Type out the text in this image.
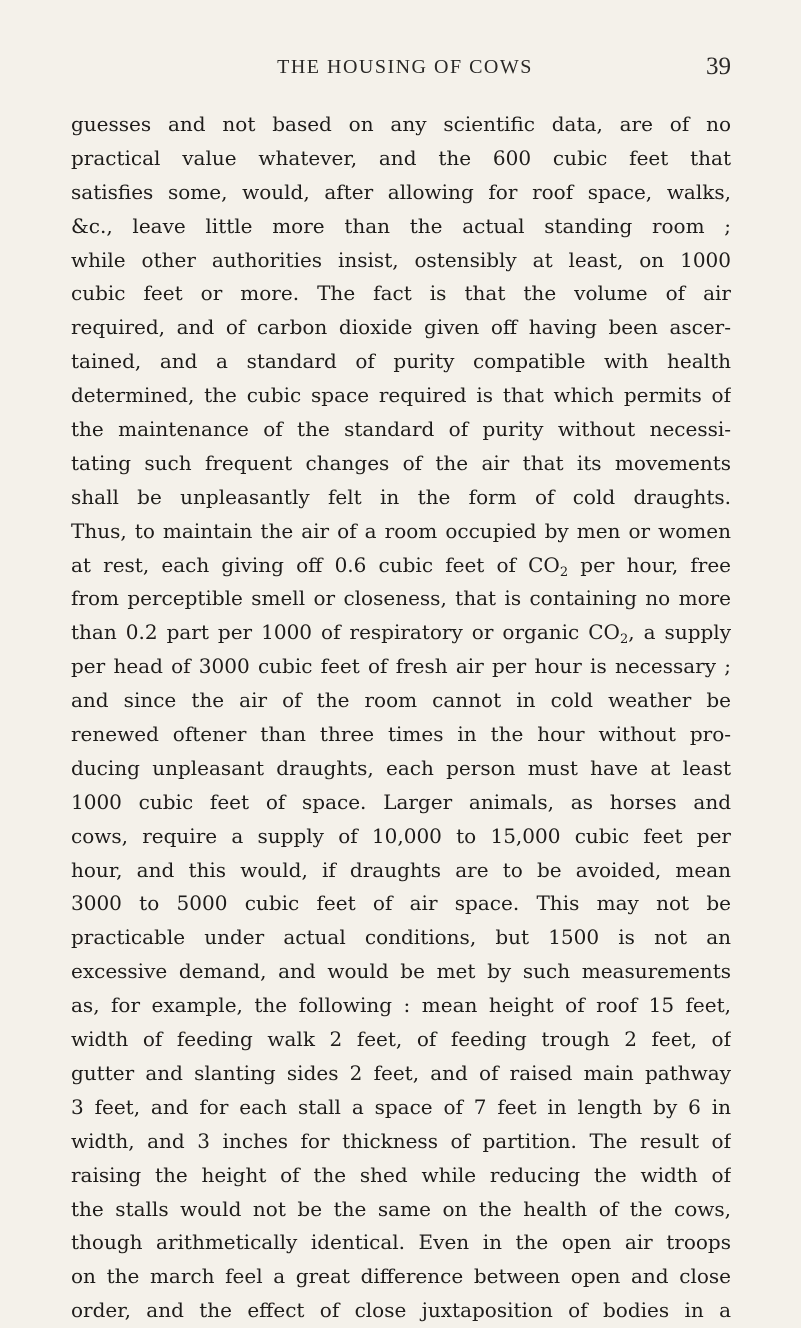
THE HOUSING OF COWS	39
guesses and not based on any scientific data, are of no
practical value whatever, and the 600 cubic feet that
satisfies some, would, after allowing for roof space, walks,
&c., leave little more than the actual standing room ;
while other authorities insist, ostensibly at least, on 1000
cubic feet or more. The fact is that the volume of air
required, and of carbon dioxide given off having been ascer-
tained, and a standard of purity compatible with health
determined, the cubic space required is that which permits of
the maintenance of the standard of purity without necessi-
tating such frequent changes of the air that its movements
shall be unpleasantly felt in the form of cold draughts.
Thus, to maintain the air of a room occupied by men or women
at rest, each giving off 0.6 cubic feet of $CO_2$ per hour, free
from perceptible smell or closeness, that is containing no more
than 0.2 part per 1000 of respiratory or organic $CO_2$, a supply
per head of 3000 cubic feet of fresh air per hour is necessary ;
and since the air of the room cannot in cold weather be
renewed oftener than three times in the hour without pro-
ducing unpleasant draughts, each person must have at least
1000 cubic feet of space. Larger animals, as horses and
cows, require a supply of 10,000 to 15,000 cubic feet per
hour, and this would, if draughts are to be avoided, mean
3000 to 5000 cubic feet of air space. This may not be
practicable under actual conditions, but 1500 is not an
excessive demand, and would be met by such measurements
as, for example, the following : mean height of roof 15 feet,
width of feeding walk 2 feet, of feeding trough 2 feet, of
gutter and slanting sides 2 feet, and of raised main pathway
3 feet, and for each stall a space of 7 feet in length by 6 in
width, and 3 inches for thickness of partition. The result of
raising the height of the shed while reducing the width of
the stalls would not be the same on the health of the cows,
though arithmetically identical. Even in the open air troops
on the march feel a great difference between open and close
order, and the effect of close juxtaposition of bodies in a
